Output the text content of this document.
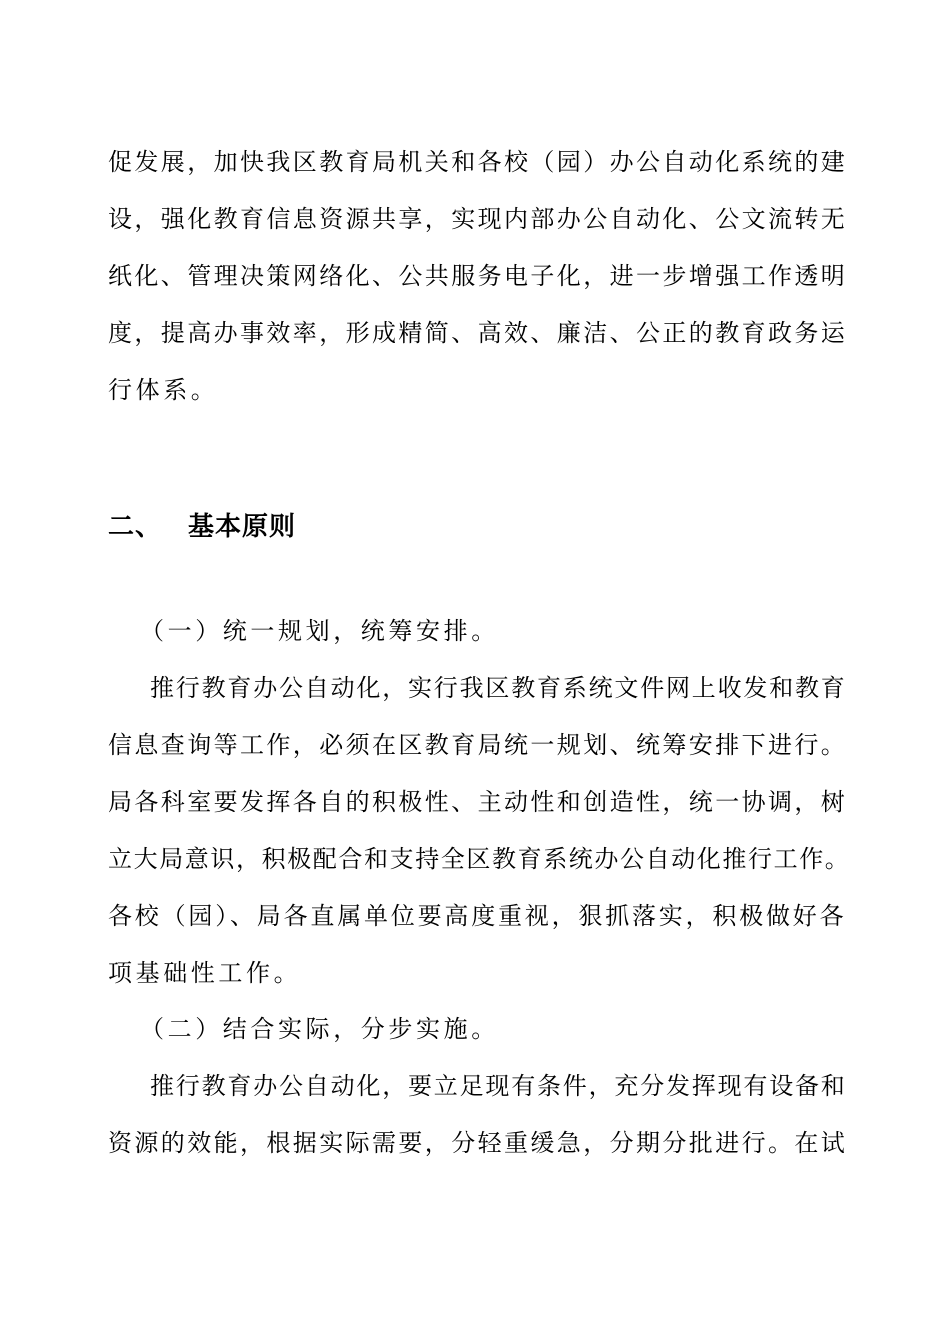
促发展，加快我区教育局机关和各校（园）办公自动化系统的建
设，强化教育信息资源共享，实现内部办公自动化、公文流转无
纸化、管理决策网络化、公共服务电子化，进一步增强工作透明
度，提高办事效率，形成精简、高效、廉洁、公正的教育政务运
行体系。
二、 基本原则
（一）统一规划，统筹安排。
推行教育办公自动化，实行我区教育系统文件网上收发和教育
信息查询等工作，必须在区教育局统一规划、统筹安排下进行。
局各科室要发挥各自的积极性、主动性和创造性，统一协调，树
立大局意识，积极配合和支持全区教育系统办公自动化推行工作。
各校（园）、局各直属单位要高度重视，狠抓落实，积极做好各
项基础性工作。
（二）结合实际，分步实施。
推行教育办公自动化，要立足现有条件，充分发挥现有设备和
资源的效能，根据实际需要，分轻重缓急，分期分批进行。在试
